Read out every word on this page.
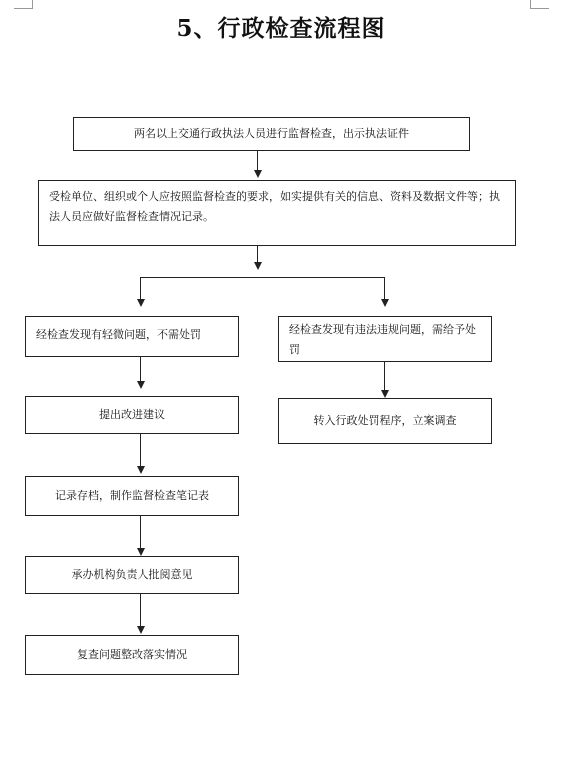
5、行政检查流程图
两名以上交通行政执法人员进行监督检查，出示执法证件
受检单位、组织或个人应按照监督检查的要求，如实提供有关的信息、资料及数据文件等；执法人员应做好监督检查情况记录。
经检查发现有轻微问题，不需处罚
提出改进建议
记录存档，制作监督检查笔记表
承办机构负责人批阅意见
复查问题整改落实情况
经检查发现有违法违规问题，需给予处罚
转入行政处罚程序，立案调查
